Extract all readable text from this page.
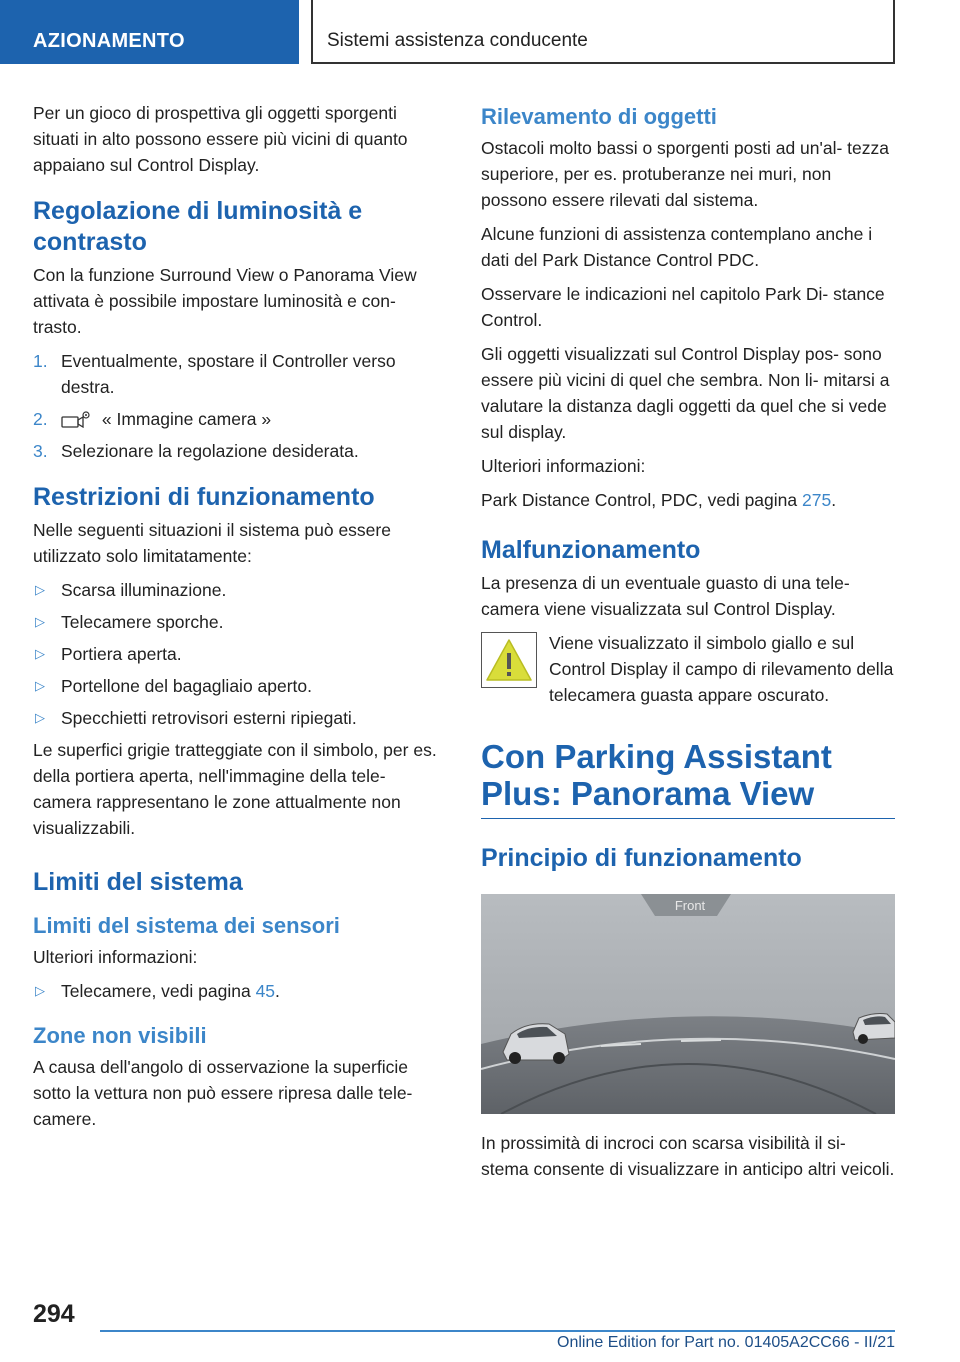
AZIONAMENTO	Sistemi assistenza conducente

Per un gioco di prospettiva gli oggetti sporgenti situati in alto possono essere più vicini di quanto appaiano sul Control Display.

Regolazione di luminosità e contrasto

Con la funzione Surround View o Panorama View attivata è possibile impostare luminosità e con‐ trasto.

1. Eventualmente, spostare il Controller verso destra.
2.	« Immagine camera »
3. Selezionare la regolazione desiderata.
Restrizioni di funzionamento

Nelle seguenti situazioni il sistema può essere utilizzato solo limitatamente:

▷ Scarsa illuminazione.
▷ Telecamere sporche.
▷ Portiera aperta.
▷ Portellone del bagagliaio aperto.
▷ Specchietti retrovisori esterni ripiegati.

Le superfici grigie tratteggiate con il simbolo, per es. della portiera aperta, nell'immagine della tele‐ camera rappresentano le zone attualmente non visualizzabili.

Limiti del sistema
Limiti del sistema dei sensori

Ulteriori informazioni:

▷ Telecamere, vedi pagina 45.
Zone non visibili

A causa dell'angolo di osservazione la superficie sotto la vettura non può essere ripresa dalle tele‐ camere.

Rilevamento di oggetti

Ostacoli molto bassi o sporgenti posti ad un'al‐ tezza superiore, per es. protuberanze nei muri, non possono essere rilevati dal sistema.

Alcune funzioni di assistenza contemplano anche i dati del Park Distance Control PDC.

Osservare le indicazioni nel capitolo Park Di‐ stance Control.

Gli oggetti visualizzati sul Control Display pos‐ sono essere più vicini di quel che sembra. Non li‐ mitarsi a valutare la distanza dagli oggetti da quel che si vede sul display.

Ulteriori informazioni:

Park Distance Control, PDC, vedi pagina 275.

Malfunzionamento

La presenza di un eventuale guasto di una tele‐ camera viene visualizzata sul Control Display.

Viene visualizzato il simbolo giallo e sul Control Display il campo di rilevamento della telecamera guasta appare oscurato.

Con Parking Assistant Plus: Panorama View
Principio di funzionamento
Front

In prossimità di incroci con scarsa visibilità il si‐ stema consente di visualizzare in anticipo altri veicoli.

294
Online Edition for Part no. 01405A2CC66 - II/21
